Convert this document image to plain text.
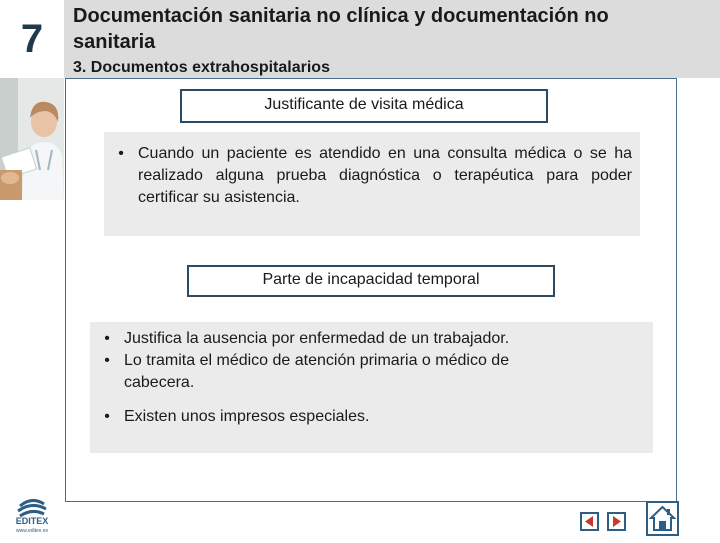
7
Documentación sanitaria no clínica y documentación no sanitaria
3. Documentos extrahospitalarios
Justificante de visita médica
• Cuando un paciente es atendido en una consulta médica o se ha realizado alguna prueba diagnóstica o terapéutica para poder certificar su asistencia.
Parte de incapacidad temporal
• Justifica la ausencia por enfermedad de un trabajador.
• Lo tramita el médico de atención primaria o médico de cabecera.
• Existen unos impresos especiales.
EDITEX
www.editex.es
